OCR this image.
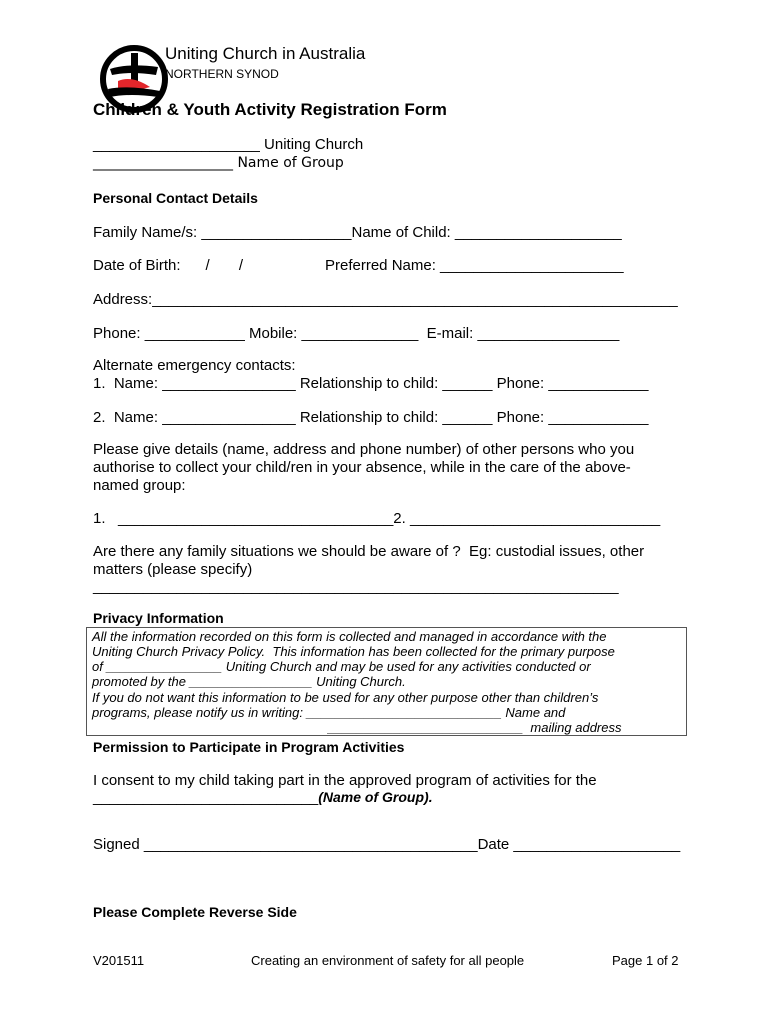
Uniting Church in Australia
NORTHERN SYNOD
Children & Youth Activity Registration Form
____________________ Uniting Church
____________________ Name of Group
Personal Contact Details
Family Name/s: __________________Name of Child: ____________________
Date of Birth:      /       /	Preferred Name: ______________________
Address:_______________________________________________________________
Phone: ____________ Mobile: ______________  E-mail: _________________
Alternate emergency contacts:
1.  Name: ________________ Relationship to child: ______ Phone: ____________
2.  Name: ________________ Relationship to child: ______ Phone: ____________
Please give details (name, address and phone number) of other persons who you
authorise to collect your child/ren in your absence, while in the care of the above-
named group:
1.   _________________________________2. ______________________________
Are there any family situations we should be aware of ?  Eg: custodial issues, other
matters (please specify)
_______________________________________________________________
Privacy Information
All the information recorded on this form is collected and managed in accordance with the
Uniting Church Privacy Policy.  This information has been collected for the primary purpose
of ________________ Uniting Church and may be used for any activities conducted or
promoted by the _________________ Uniting Church.
If you do not want this information to be used for any other purpose other than children’s
programs, please notify us in writing: ___________________________ Name and
___________________________  mailing address
Permission to Participate in Program Activities
I consent to my child taking part in the approved program of activities for the
___________________________(Name of Group).
Signed ________________________________________Date ____________________
Please Complete Reverse Side
V201511	Creating an environment of safety for all people	Page 1 of 2
